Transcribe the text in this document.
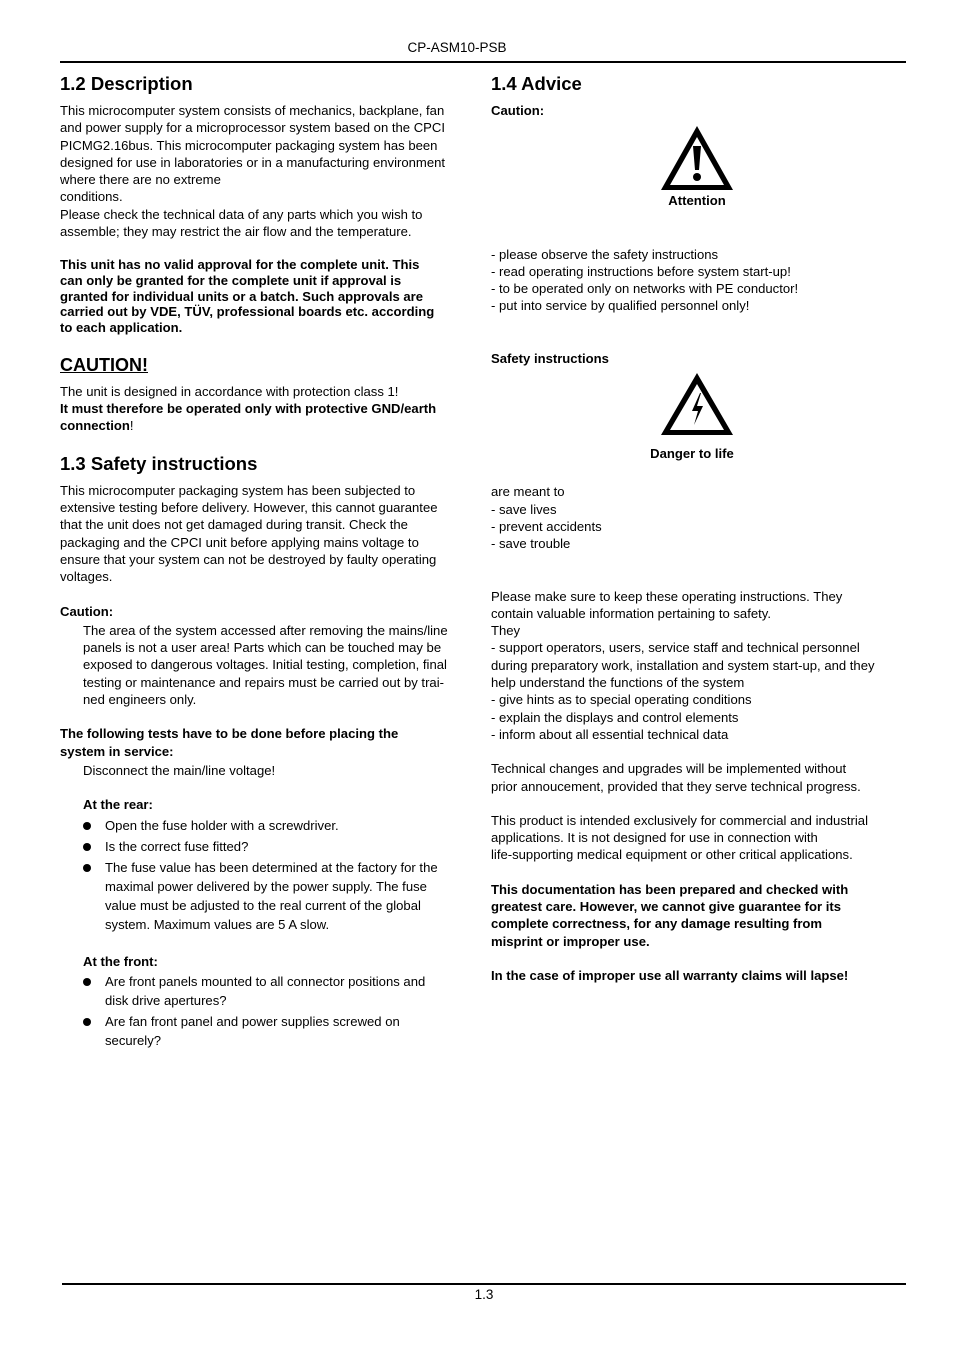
CP-ASM10-PSB
1.2 Description

This microcomputer system consists of mechanics, backplane, fan
and power supply for a microprocessor system based on the CPCI
PICMG2.16bus. This microcomputer packaging system has been
designed for use in laboratories or in a manufacturing environment
where there are no extreme
conditions.

Please check the technical data of any parts which you wish to
assemble; they may restrict the air flow and the temperature.

This unit has no valid approval for the complete unit. This
can only be granted for the complete unit if approval is
granted for individual units or a batch. Such approvals are
carried out by VDE, TÜV, professional boards etc. according
to each application.

CAUTION!

The unit is designed in accordance with protection class 1!
It must therefore be operated only with protective GND/earth
connection!

1.3 Safety instructions

This microcomputer packaging system has been subjected to
extensive testing before delivery. However, this cannot guarantee
that the unit does not get damaged during transit. Check the
packaging and the CPCI unit before applying mains voltage to
ensure that your system can not be destroyed by faulty operating
voltages.

Caution:

The area of the system accessed after removing the mains/line
panels is not a user area! Parts which can be touched may be
exposed to dangerous voltages. Initial testing, completion, final
testing or maintenance and repairs must be carried out by trai-
ned engineers only.

The following tests have to be done before placing the
system in service:

Disconnect the main/line voltage!

At the rear:

Open the fuse holder with a screwdriver.
Is the correct fuse fitted?
The fuse value has been determined at the factory for the
maximal power delivered by the power supply. The fuse
value must be adjusted to the real current of the global
system. Maximum values are 5 A slow.

At the front:

Are front panels mounted to all connector positions and
disk drive apertures?
Are fan front panel and power supplies screwed on
securely?
1.4 Advice

Caution:

Attention

- please observe the safety instructions
- read operating instructions before system start-up!
- to be operated only on networks with PE conductor!
- put into service by qualified personnel only!

Safety instructions

Danger to life

are meant to
- save lives
- prevent accidents
- save trouble

Please make sure to keep these operating instructions. They
contain valuable information pertaining to safety.
They
- support operators, users, service staff and technical personnel
during preparatory work, installation and system start-up, and they
help understand the functions of the system
- give hints as to special operating conditions
- explain the displays and control elements
- inform about all essential technical data

Technical changes and upgrades will be implemented without
prior annoucement, provided that they serve technical progress.

This product is intended exclusively for commercial and industrial
applications. It is not designed for use in connection with
life-supporting medical equipment or other critical applications.

This documentation has been prepared and checked with
greatest care. However, we cannot give guarantee for its
complete correctness, for any damage resulting from
misprint or improper use.

In the case of improper use all warranty claims will lapse!

1.3
